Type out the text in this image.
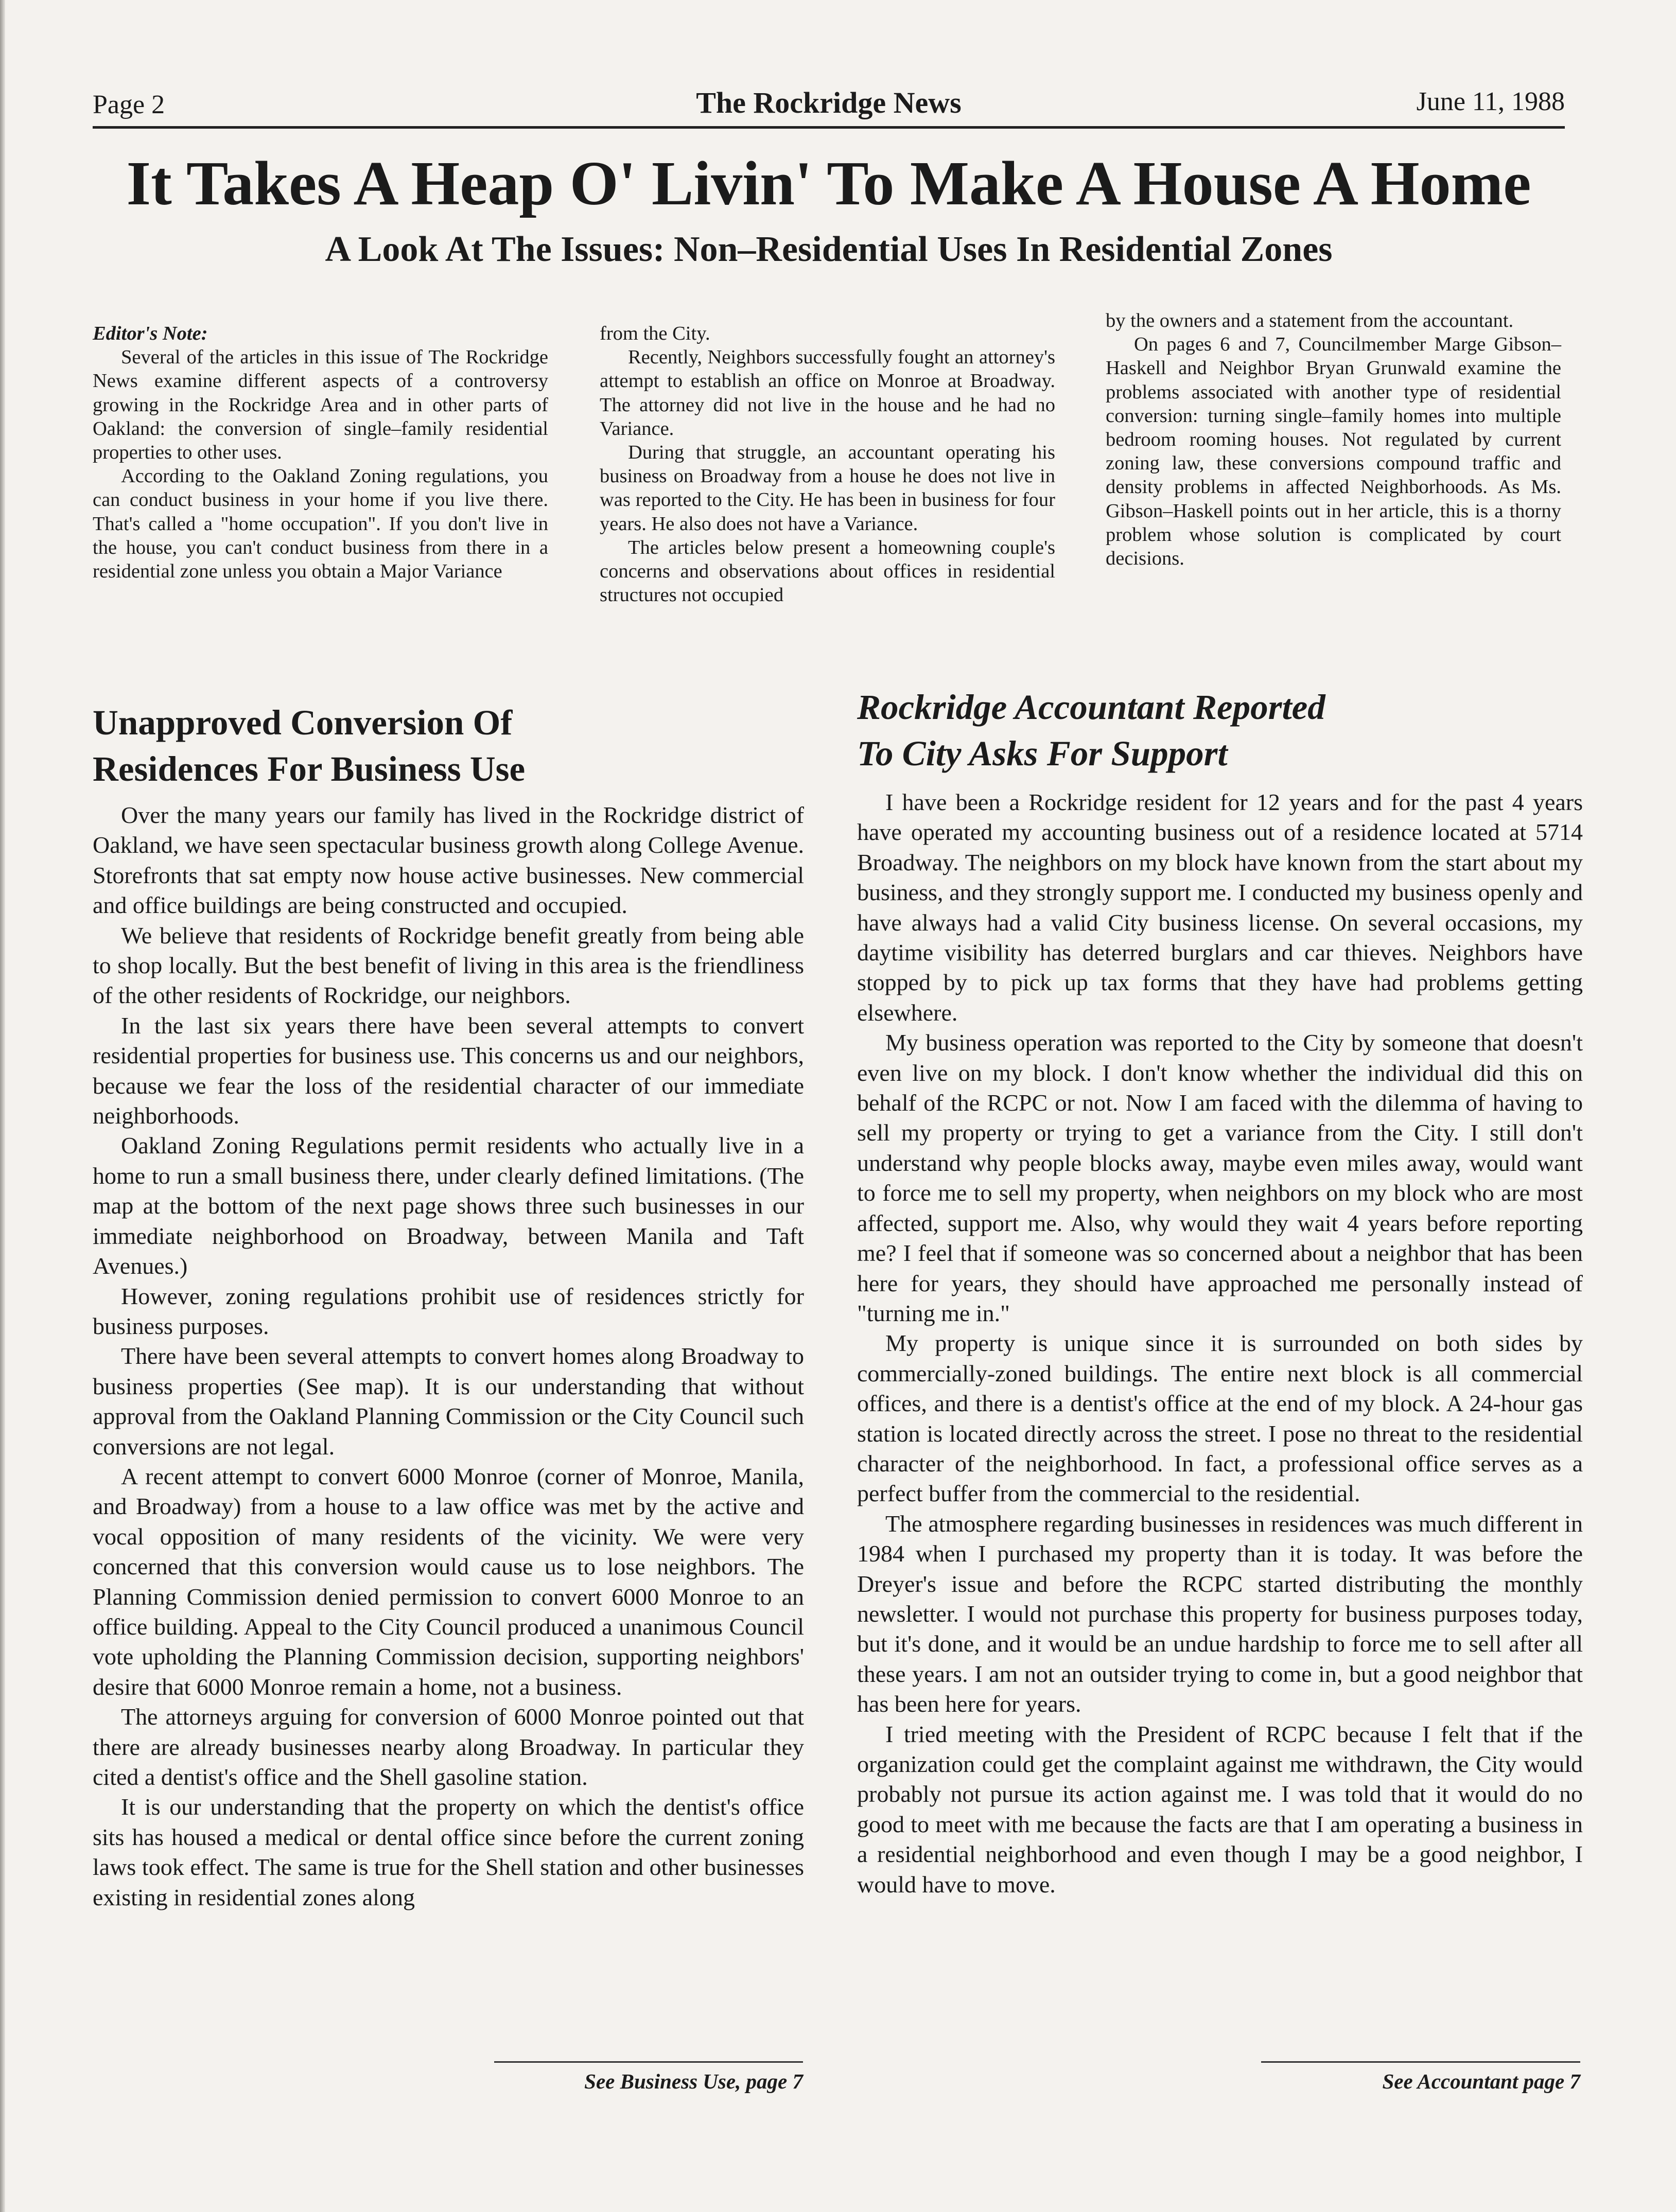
Page 2	The Rockridge News	June 11, 1988
It Takes A Heap O' Livin' To Make A House A Home
A Look At The Issues: Non–Residential Uses In Residential Zones
Editor's Note:

Several of the articles in this issue of The Rockridge News examine different aspects of a controversy growing in the Rockridge Area and in other parts of Oakland: the conversion of single–family residential properties to other uses.

According to the Oakland Zoning regulations, you can conduct business in your home if you live there. That's called a "home occupation". If you don't live in the house, you can't conduct business from there in a residential zone unless you obtain a Major Variance

from the City.

Recently, Neighbors successfully fought an attorney's attempt to establish an office on Monroe at Broadway. The attorney did not live in the house and he had no Variance.

During that struggle, an accountant operating his business on Broadway from a house he does not live in was reported to the City. He has been in business for four years. He also does not have a Variance.

The articles below present a homeowning couple's concerns and observations about offices in residential structures not occupied

by the owners and a statement from the accountant.

On pages 6 and 7, Councilmember Marge Gibson–Haskell and Neighbor Bryan Grunwald examine the problems associated with another type of residential conversion: turning single–family homes into multiple bedroom rooming houses. Not regulated by current zoning law, these conversions compound traffic and density problems in affected Neighborhoods. As Ms. Gibson–Haskell points out in her article, this is a thorny problem whose solution is complicated by court decisions.

Unapproved Conversion Of
Residences For Business Use

Over the many years our family has lived in the Rockridge district of Oakland, we have seen spectacular business growth along College Avenue. Storefronts that sat empty now house active businesses. New commercial and office buildings are being constructed and occupied.

We believe that residents of Rockridge benefit greatly from being able to shop locally. But the best benefit of living in this area is the friendliness of the other residents of Rockridge, our neighbors.

In the last six years there have been several attempts to convert residential properties for business use. This concerns us and our neighbors, because we fear the loss of the residential character of our immediate neighborhoods.

Oakland Zoning Regulations permit residents who actually live in a home to run a small business there, under clearly defined limitations. (The map at the bottom of the next page shows three such businesses in our immediate neighborhood on Broadway, between Manila and Taft Avenues.)

However, zoning regulations prohibit use of residences strictly for business purposes.

There have been several attempts to convert homes along Broadway to business properties (See map). It is our understanding that without approval from the Oakland Planning Commission or the City Council such conversions are not legal.

A recent attempt to convert 6000 Monroe (corner of Monroe, Manila, and Broadway) from a house to a law office was met by the active and vocal opposition of many residents of the vicinity. We were very concerned that this conversion would cause us to lose neighbors. The Planning Commission denied permission to convert 6000 Monroe to an office building. Appeal to the City Council produced a unanimous Council vote upholding the Planning Commission decision, supporting neighbors' desire that 6000 Monroe remain a home, not a business.

The attorneys arguing for conversion of 6000 Monroe pointed out that there are already businesses nearby along Broadway. In particular they cited a dentist's office and the Shell gasoline station.

It is our understanding that the property on which the dentist's office sits has housed a medical or dental office since before the current zoning laws took effect. The same is true for the Shell station and other businesses existing in residential zones along

See Business Use, page 7
Rockridge Accountant Reported
To City Asks For Support

I have been a Rockridge resident for 12 years and for the past 4 years have operated my accounting business out of a residence located at 5714 Broadway. The neighbors on my block have known from the start about my business, and they strongly support me. I conducted my business openly and have always had a valid City business license. On several occasions, my daytime visibility has deterred burglars and car thieves. Neighbors have stopped by to pick up tax forms that they have had problems getting elsewhere.

My business operation was reported to the City by someone that doesn't even live on my block. I don't know whether the individual did this on behalf of the RCPC or not. Now I am faced with the dilemma of having to sell my property or trying to get a variance from the City. I still don't understand why people blocks away, maybe even miles away, would want to force me to sell my property, when neighbors on my block who are most affected, support me. Also, why would they wait 4 years before reporting me? I feel that if someone was so concerned about a neighbor that has been here for years, they should have approached me personally instead of "turning me in."

My property is unique since it is surrounded on both sides by commercially-zoned buildings. The entire next block is all commercial offices, and there is a dentist's office at the end of my block. A 24-hour gas station is located directly across the street. I pose no threat to the residential character of the neighborhood. In fact, a professional office serves as a perfect buffer from the commercial to the residential.

The atmosphere regarding businesses in residences was much different in 1984 when I purchased my property than it is today. It was before the Dreyer's issue and before the RCPC started distributing the monthly newsletter. I would not purchase this property for business purposes today, but it's done, and it would be an undue hardship to force me to sell after all these years. I am not an outsider trying to come in, but a good neighbor that has been here for years.

I tried meeting with the President of RCPC because I felt that if the organization could get the complaint against me withdrawn, the City would probably not pursue its action against me. I was told that it would do no good to meet with me because the facts are that I am operating a business in a residential neighborhood and even though I may be a good neighbor, I would have to move.

See Accountant page 7
